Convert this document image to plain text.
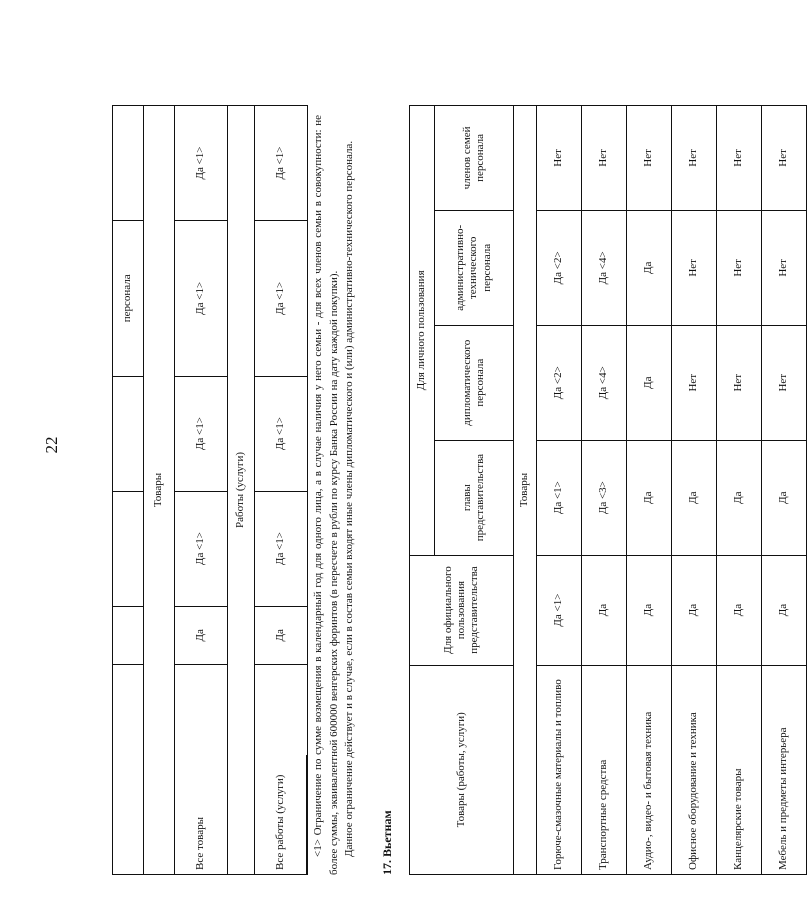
22
				персонала	
Товары					
Все товары	Да	Да <1>	Да <1>	Да <1>	Да <1>
Работы (услуги)					
Все работы (услуги)	Да	Да <1>	Да <1>	Да <1>	Да <1> <1> Ограничение по сумме возмещения в календарный год для одного лица, а в случае наличия у него семьи - для всех членов семьи в совокупности: не более суммы, эквивалентной 600000 венгерских форинтов (в пересчете в рубли по курсу Банка России на дату каждой покупки). Данное ограничение действует и в случае, если в состав семьи входят иные члены дипломатического и (или) административно-технического персонала. 17. Вьетнам
Товары (работы, услуги)	Для официального пользования представительства	Для личного пользования			
		главы представительства	дипломатического персонала	административно-технического персонала	членов семей персонала
Товары					
Горюче-смазочные материалы и топливо	Да <1>	Да <1>	Да <2>	Да <2>	Нет
Транспортные средства	Да	Да <3>	Да <4>	Да <4>	Нет
Аудио-, видео- и бытовая техника	Да	Да	Да	Да	Нет
Офисное оборудование и техника	Да	Да	Нет	Нет	Нет
Канцелярские товары	Да	Да	Нет	Нет	Нет
Мебель и предметы интерьера	Да	Да	Нет	Нет	Нет
